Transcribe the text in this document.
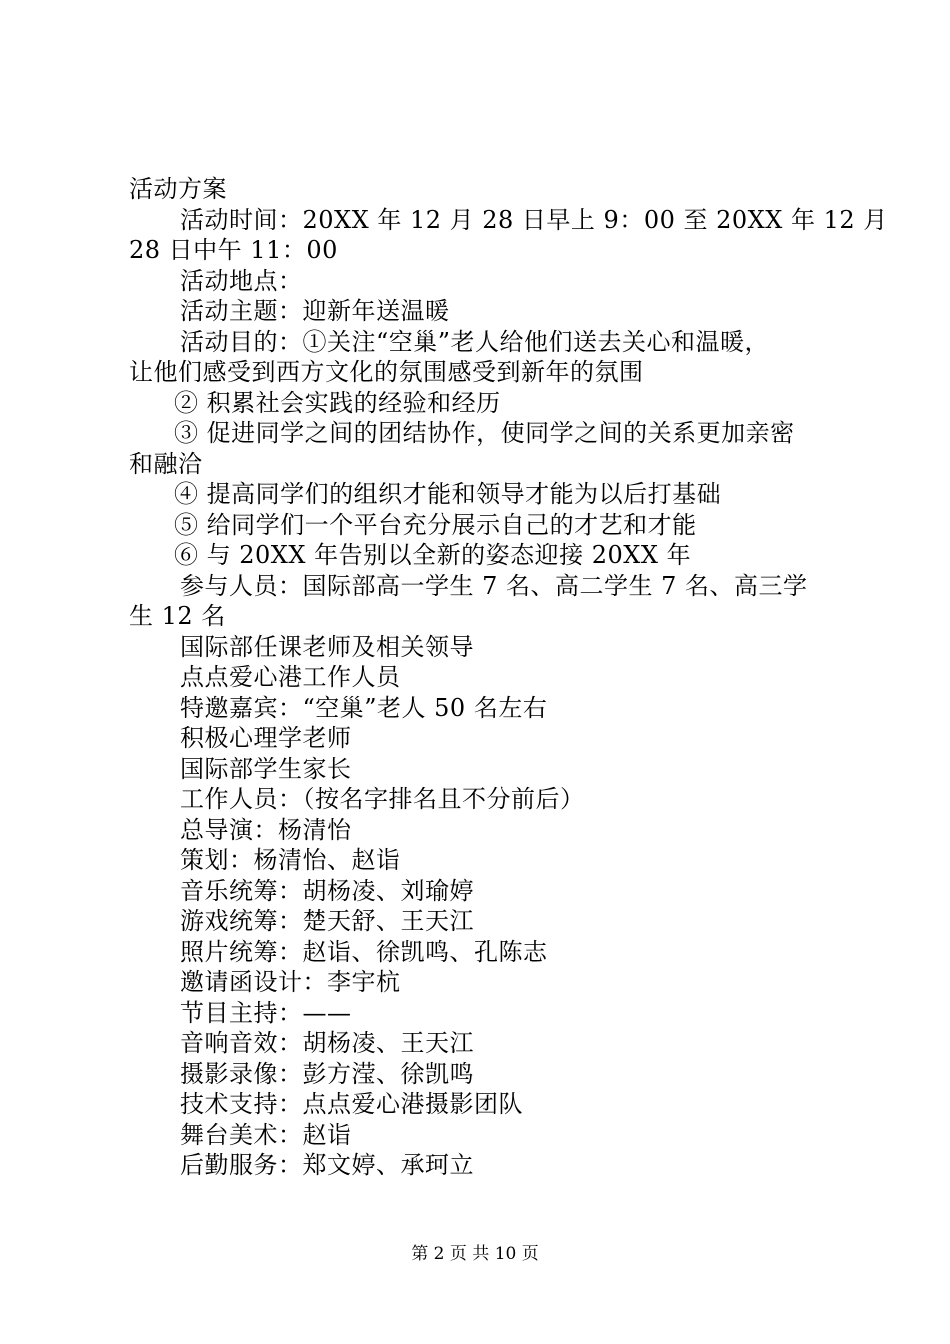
活动方案
活动时间：20XX 年 12 月 28 日早上 9：00 至 20XX 年 12 月
28 日中午 11：00
活动地点：
活动主题：迎新年送温暖
活动目的：①关注“空巢”老人给他们送去关心和温暖，
让他们感受到西方文化的氛围感受到新年的氛围
② 积累社会实践的经验和经历
③ 促进同学之间的团结协作，使同学之间的关系更加亲密
和融洽
④ 提高同学们的组织才能和领导才能为以后打基础
⑤ 给同学们一个平台充分展示自己的才艺和才能
⑥ 与 20XX 年告别以全新的姿态迎接 20XX 年
参与人员：国际部高一学生 7 名、高二学生 7 名、高三学
生 12 名
国际部任课老师及相关领导
点点爱心港工作人员
特邀嘉宾：“空巢”老人 50 名左右
积极心理学老师
国际部学生家长
工作人员：（按名字排名且不分前后）
总导演：杨清怡
策划：杨清怡、赵诣
音乐统筹：胡杨凌、刘瑜婷
游戏统筹：楚天舒、王天江
照片统筹：赵诣、徐凯鸣、孔陈志
邀请函设计：李宇杭
节目主持：——
音响音效：胡杨凌、王天江
摄影录像：彭方滢、徐凯鸣
技术支持：点点爱心港摄影团队
舞台美术：赵诣
后勤服务：郑文婷、承珂立
第 2 页 共 10 页
